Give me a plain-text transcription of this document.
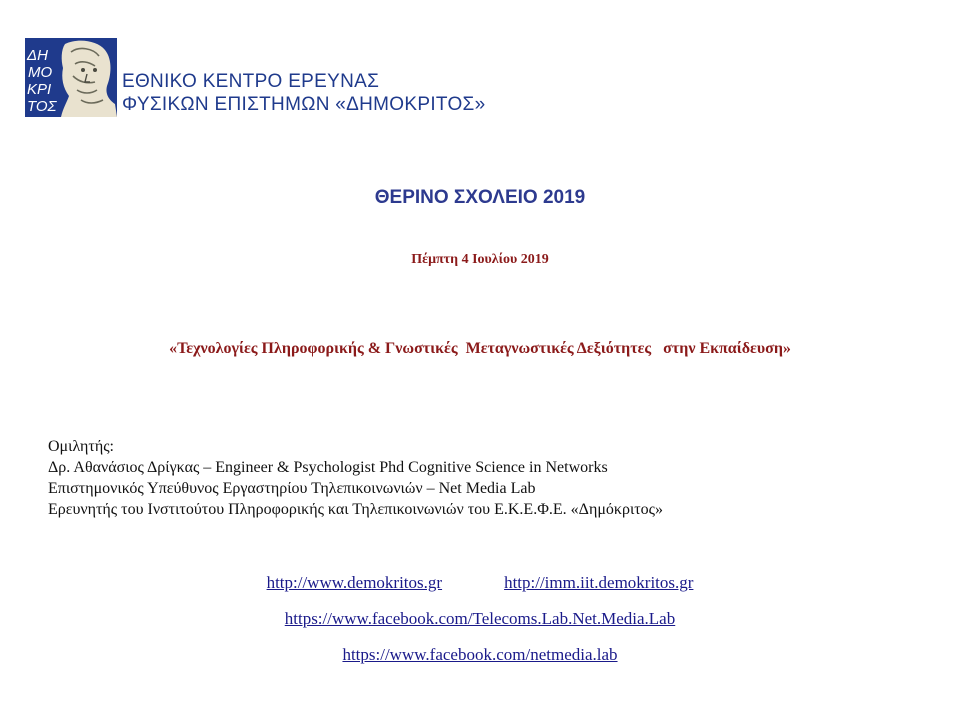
ΔΗ
ΜΟ
ΚΡΙ
ΤΟΣ
ΕΘΝΙΚΟ ΚΕΝΤΡΟ ΕΡΕΥΝΑΣ
ΦΥΣΙΚΩΝ ΕΠΙΣΤΗΜΩΝ «ΔΗΜΟΚΡΙΤΟΣ»
ΘΕΡΙΝΟ ΣΧΟΛΕΙΟ 2019
Πέμπτη 4 Ιουλίου 2019
«Τεχνολογίες Πληροφορικής & Γνωστικές  Μεταγνωστικές Δεξιότητες   στην Εκπαίδευση»
Ομιλητής:
Δρ. Αθανάσιος Δρίγκας – Engineer & Psychologist Phd Cognitive Science in Networks
Επιστημονικός Υπεύθυνος Εργαστηρίου Τηλεπικοινωνιών – Net Media Lab
Ερευνητής του Ινστιτούτου Πληροφορικής και Τηλεπικοινωνιών του Ε.Κ.Ε.Φ.Ε. «Δημόκριτος»
http://www.demokritos.gr	http://imm.iit.demokritos.gr
https://www.facebook.com/Telecoms.Lab.Net.Media.Lab
https://www.facebook.com/netmedia.lab
